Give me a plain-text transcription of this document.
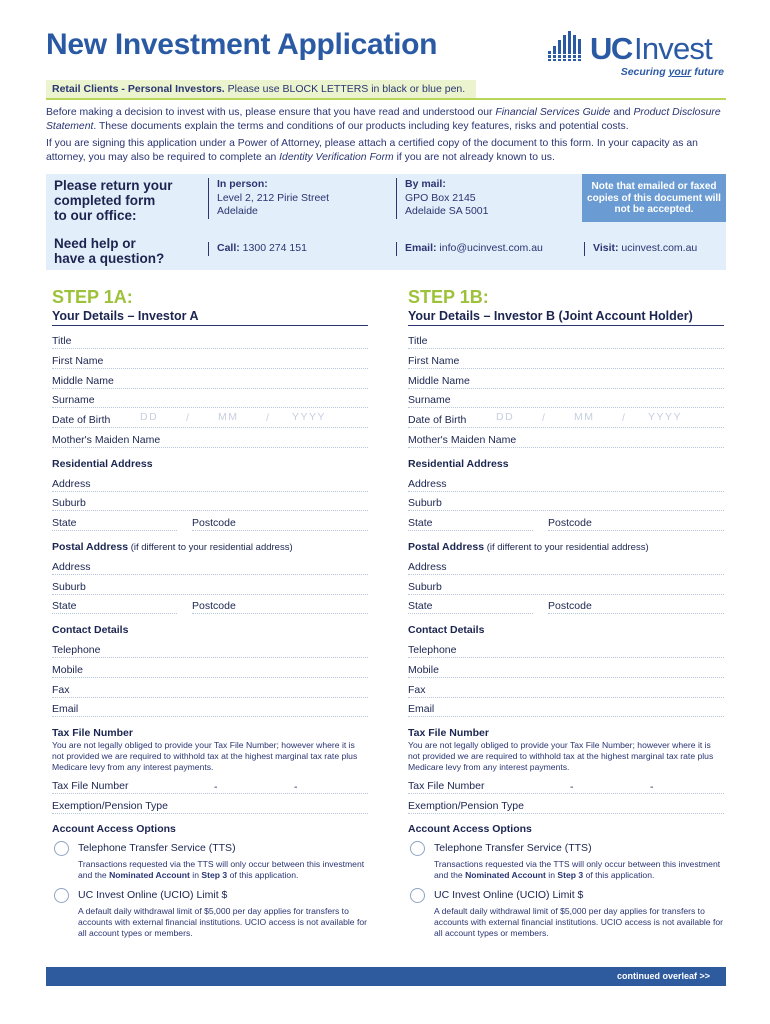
New Investment Application	UC Invest
Securing your future
Retail Clients - Personal Investors. Please use BLOCK LETTERS in black or blue pen.
Before making a decision to invest with us, please ensure that you have read and understood our Financial Services Guide and Product Disclosure Statement. These documents explain the terms and conditions of our products including key features, risks and potential costs.
If you are signing this application under a Power of Attorney, please attach a certified copy of the document to this form. In your capacity as an attorney, you may also be required to complete an Identity Verification Form if you are not already known to us.
Please return your
completed form
to our office:
In person:
Level 2, 212 Pirie Street
Adelaide
By mail:
GPO Box 2145
Adelaide SA 5001
Note that emailed or faxed copies of this document will not be accepted.
Need help or
have a question?
Call: 1300 274 151	Email: info@ucinvest.com.au	Visit: ucinvest.com.au
STEP 1A:
Your Details – Investor A
Title
First Name
Middle Name
Surname
Date of Birth	DD	/	MM	/ YYYY
Mother's Maiden Name
Residential Address
Address
Suburb
State	Postcode
Postal Address (if different to your residential address)
Address
Suburb
State	Postcode
Contact Details
Telephone
Mobile
Fax
Email
Tax File Number
You are not legally obliged to provide your Tax File Number; however where it is not provided we are required to withhold tax at the highest marginal tax rate plus Medicare levy from any interest payments.
Tax File Number	-	-
Exemption/Pension Type
Account Access Options
Telephone Transfer Service (TTS)
Transactions requested via the TTS will only occur between this investment and the Nominated Account in Step 3 of this application.
UC Invest Online (UCIO) Limit $
A default daily withdrawal limit of $5,000 per day applies for transfers to accounts with external financial institutions. UCIO access is not available for all account types or members.
STEP 1B:
Your Details – Investor B (Joint Account Holder)
Title
First Name
Middle Name
Surname
Date of Birth	DD	/	MM	/ YYYY
Mother's Maiden Name
Residential Address
Address
Suburb
State	Postcode
Postal Address (if different to your residential address)
Address
Suburb
State	Postcode
Contact Details
Telephone
Mobile
Fax
Email
Tax File Number
You are not legally obliged to provide your Tax File Number; however where it is not provided we are required to withhold tax at the highest marginal tax rate plus Medicare levy from any interest payments.
Tax File Number	-	-
Exemption/Pension Type
Account Access Options
Telephone Transfer Service (TTS)
Transactions requested via the TTS will only occur between this investment and the Nominated Account in Step 3 of this application.
UC Invest Online (UCIO) Limit $
A default daily withdrawal limit of $5,000 per day applies for transfers to accounts with external financial institutions. UCIO access is not available for all account types or members.
continued overleaf >>
